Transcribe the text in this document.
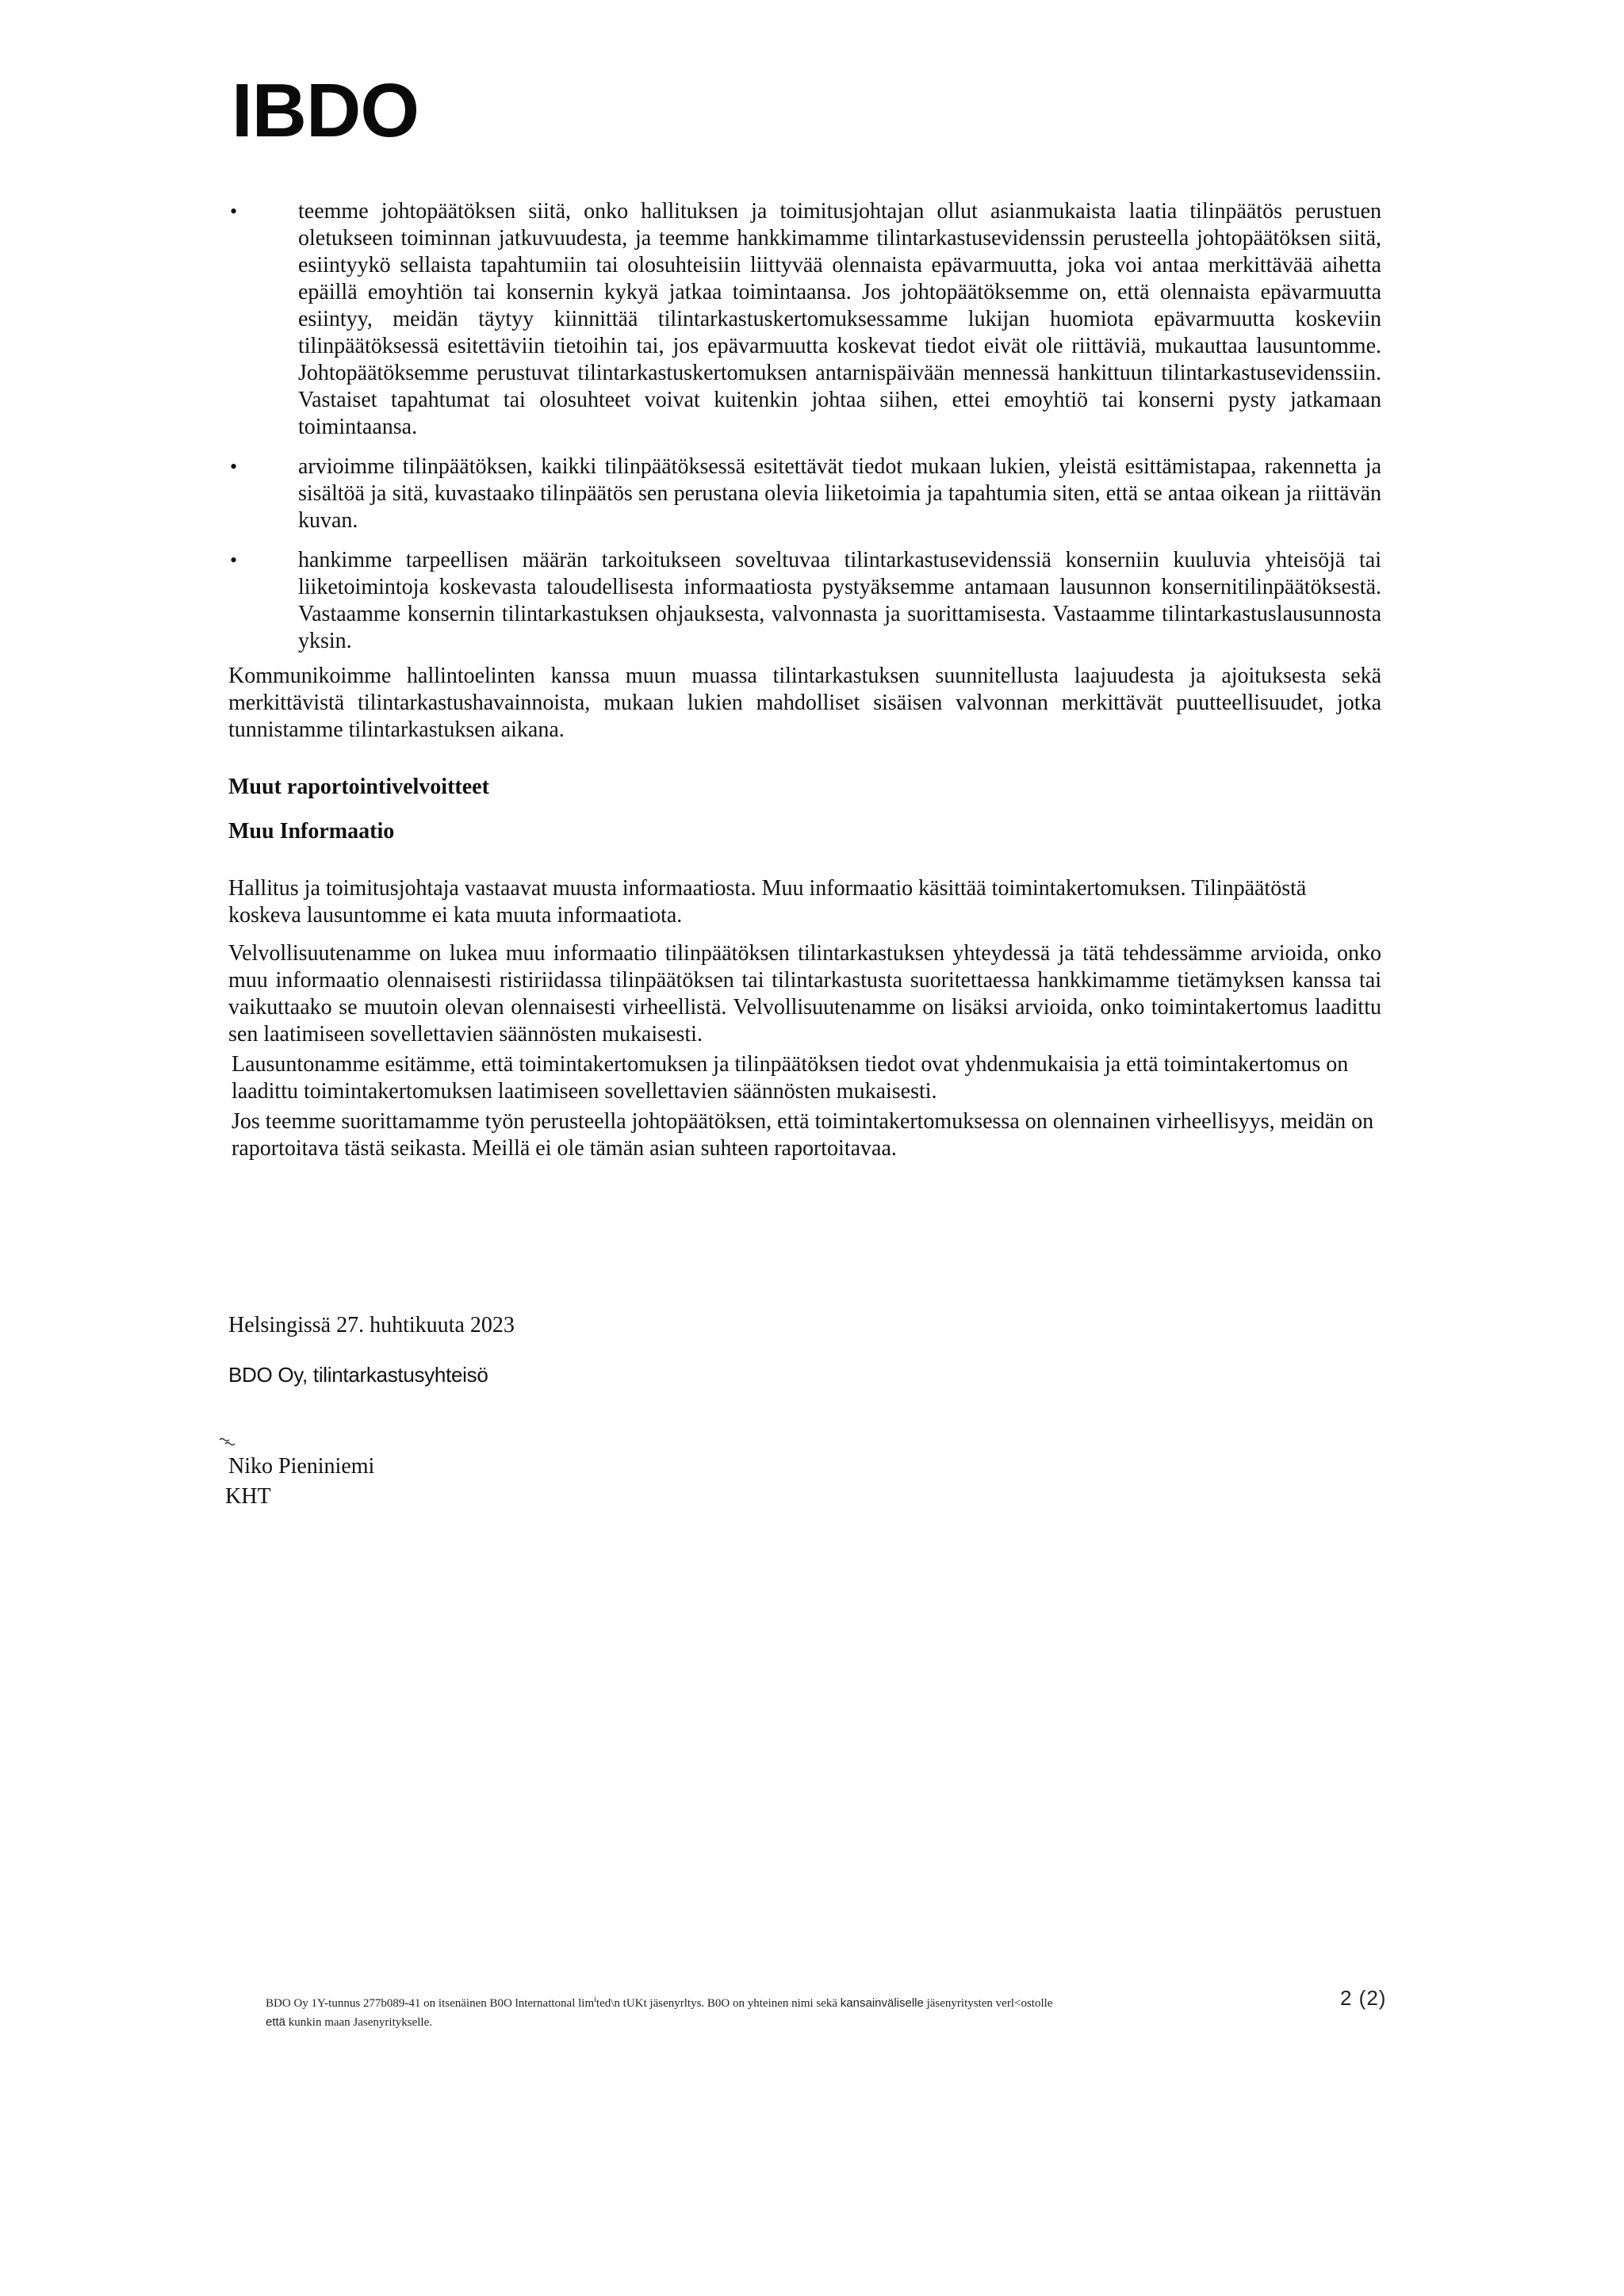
IBDO
•	teemme johtopäätöksen siitä, onko hallituksen ja toimitusjohtajan ollut asianmukaista laatia tilinpäätös perustuen oletukseen toiminnan jatkuvuudesta, ja teemme hankkimamme tilintarkastusevidenssin perusteella johtopäätöksen siitä, esiintyykö sellaista tapahtumiin tai olosuhteisiin liittyvää olennaista epävarmuutta, joka voi antaa merkittävää aihetta epäillä emoyhtiön tai konsernin kykyä jatkaa toimintaansa. Jos johtopäätöksemme on, että olennaista epävarmuutta esiintyy, meidän täytyy kiinnittää tilintarkastuskertomuksessamme lukijan huomiota epävarmuutta koskeviin tilinpäätöksessä esitettäviin tietoihin tai, jos epävarmuutta koskevat tiedot eivät ole riittäviä, mukauttaa lausuntomme. Johtopäätöksemme perustuvat tilintarkastuskertomuksen antarnispäivään mennessä hankittuun tilintarkastusevidenssiin. Vastaiset tapahtumat tai olosuhteet voivat kuitenkin johtaa siihen, ettei emoyhtiö tai konserni pysty jatkamaan toimintaansa.
•	arvioimme tilinpäätöksen, kaikki tilinpäätöksessä esitettävät tiedot mukaan lukien, yleistä esittämistapaa, rakennetta ja sisältöä ja sitä, kuvastaako tilinpäätös sen perustana olevia liiketoimia ja tapahtumia siten, että se antaa oikean ja riittävän kuvan.
•	hankimme tarpeellisen määrän tarkoitukseen soveltuvaa tilintarkastusevidenssiä konserniin kuuluvia yhteisöjä tai liiketoimintoja koskevasta taloudellisesta informaatiosta pystyäksemme antamaan lausunnon konsernitilinpäätöksestä. Vastaamme konsernin tilintarkastuksen ohjauksesta, valvonnasta ja suorittamisesta. Vastaamme tilintarkastuslausunnosta yksin.

Kommunikoimme hallintoelinten kanssa muun muassa tilintarkastuksen suunnitellusta laajuudesta ja ajoituksesta sekä merkittävistä tilintarkastushavainnoista, mukaan lukien mahdolliset sisäisen valvonnan merkittävät puutteellisuudet, jotka tunnistamme tilintarkastuksen aikana.

Muut raportointivelvoitteet

Muu Informaatio

Hallitus ja toimitusjohtaja vastaavat muusta informaatiosta. Muu informaatio käsittää toimintakertomuksen. Tilinpäätöstä koskeva lausuntomme ei kata muuta informaatiota.

Velvollisuutenamme on lukea muu informaatio tilinpäätöksen tilintarkastuksen yhteydessä ja tätä tehdessämme arvioida, onko muu informaatio olennaisesti ristiriidassa tilinpäätöksen tai tilintarkastusta suoritettaessa hankkimamme tietämyksen kanssa tai vaikuttaako se muutoin olevan olennaisesti virheellistä. Velvollisuutenamme on lisäksi arvioida, onko toimintakertomus laadittu sen laatimiseen sovellettavien säännösten mukaisesti.

Lausuntonamme esitämme, että toimintakertomuksen ja tilinpäätöksen tiedot ovat yhdenmukaisia ja että toimintakertomus on laadittu toimintakertomuksen laatimiseen sovellettavien säännösten mukaisesti.

Jos teemme suorittamamme työn perusteella johtopäätöksen, että toimintakertomuksessa on olennainen virheellisyys, meidän on raportoitava tästä seikasta. Meillä ei ole tämän asian suhteen raportoitavaa.

Helsingissä 27. huhtikuuta 2023

BDO Oy, tilintarkastusyhteisö

Niko Pieniniemi

KHT

BDO Oy 1Y-tunnus 277b089-41 on itsenäinen B0O lnternattonal $\lim^ited\backslash n$ tUKt jäsenyrltys. B0O on yhteinen nimi sekä kansainväliselle jäsenyritysten verl<ostolle
että kunkin maan Jasenyritykselle.
2 (2)
